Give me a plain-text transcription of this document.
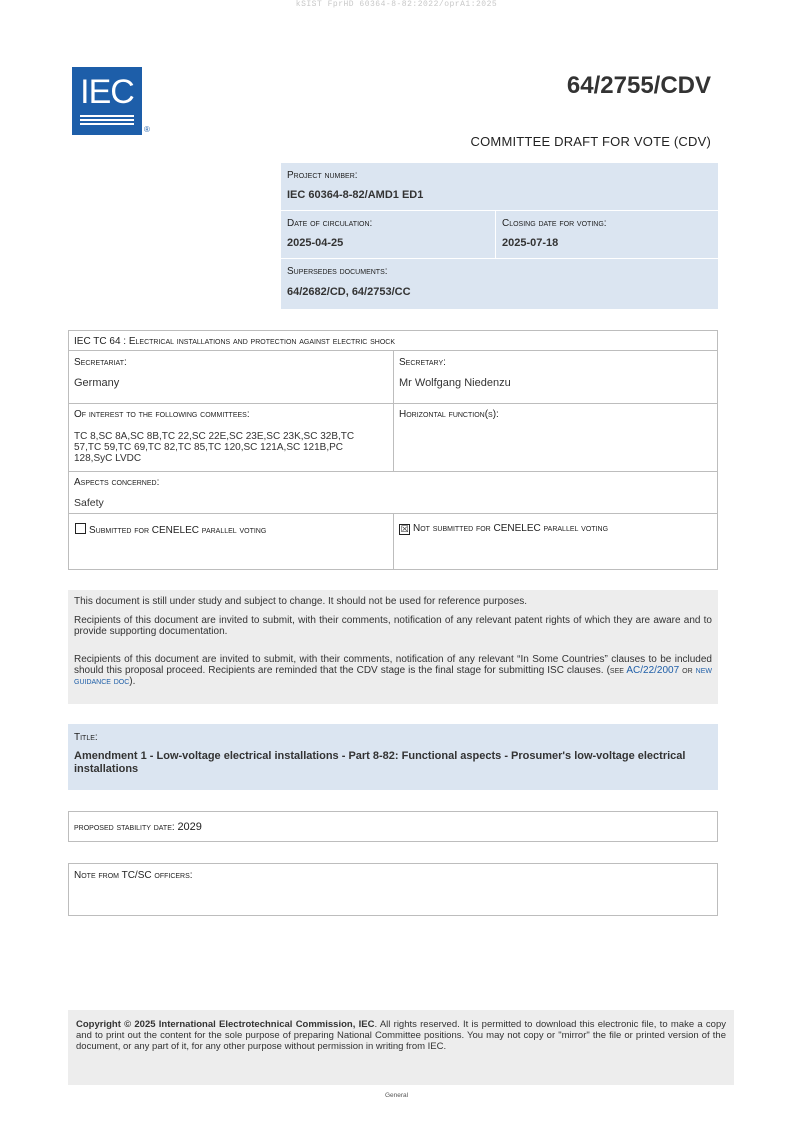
kSIST FprHD 60364-8-82:2022/oprA1:2025
IEC
®
64/2755/CDV
COMMITTEE DRAFT FOR VOTE (CDV)
Project number:
IEC 60364-8-82/AMD1 ED1
Date of circulation:
2025-04-25
Closing date for voting:
2025-07-18
Supersedes documents:
64/2682/CD, 64/2753/CC
IEC TC 64 : Electrical installations and protection against electric shock
Secretariat:
Germany
Secretary:
Mr Wolfgang Niedenzu
Of interest to the following committees:
TC 8,SC 8A,SC 8B,TC 22,SC 22E,SC 23E,SC 23K,SC 32B,TC 57,TC 59,TC 69,TC 82,TC 85,TC 120,SC 121A,SC 121B,PC 128,SyC LVDC
Horizontal function(s):
Aspects concerned:
Safety
Submitted for CENELEC parallel voting	☒ Not submitted for CENELEC parallel voting

This document is still under study and subject to change. It should not be used for reference purposes.

Recipients of this document are invited to submit, with their comments, notification of any relevant patent rights of which they are aware and to provide supporting documentation.

Recipients of this document are invited to submit, with their comments, notification of any relevant “In Some Countries” clauses to be included should this proposal proceed. Recipients are reminded that the CDV stage is the final stage for submitting ISC clauses. (see AC/22/2007 or new guidance doc).

Title:
Amendment 1 - Low-voltage electrical installations - Part 8-82: Functional aspects - Prosumer's low-voltage electrical installations
proposed stability date: 2029
Note from TC/SC officers:

Copyright © 2025 International Electrotechnical Commission, IEC. All rights reserved. It is permitted to download this electronic file, to make a copy and to print out the content for the sole purpose of preparing National Committee positions. You may not copy or "mirror" the file or printed version of the document, or any part of it, for any other purpose without permission in writing from IEC.

General
